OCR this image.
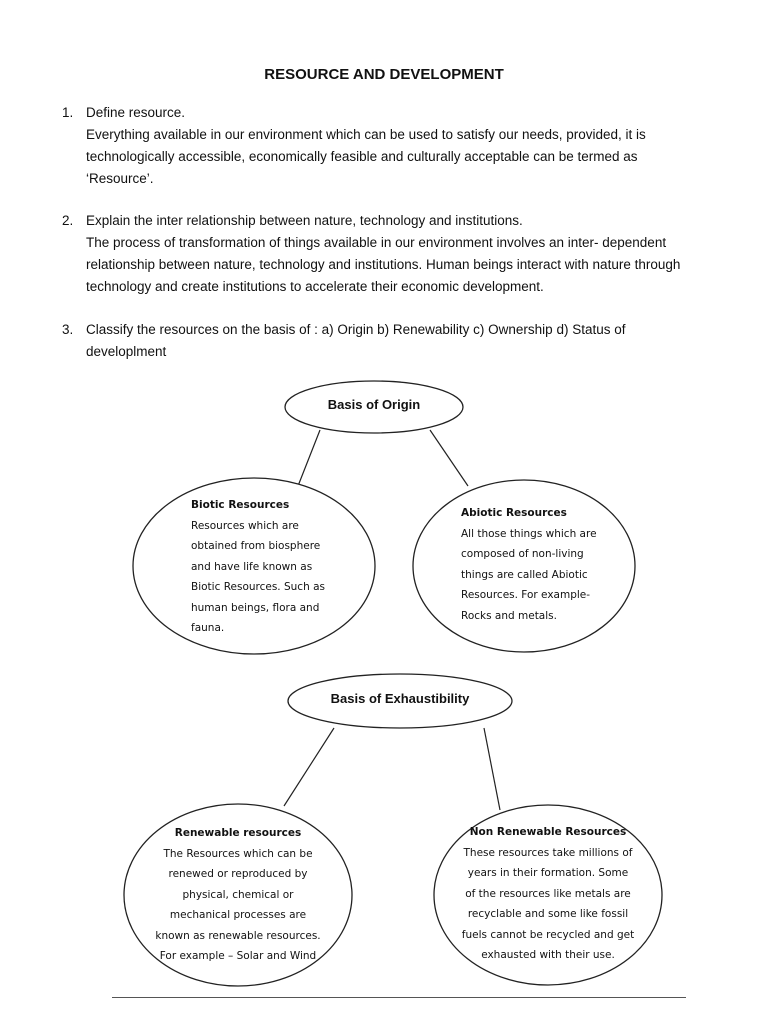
RESOURCE AND DEVELOPMENT
1. Define resource.

Everything available in our environment which can be used to satisfy our needs, provided, it is technologically accessible, economically feasible and culturally acceptable can be termed as ‘Resource’.

2. Explain the inter relationship between nature, technology and institutions.

The process of transformation of things available in our environment involves an inter- dependent relationship between nature, technology and institutions. Human beings interact with nature through technology and create institutions to accelerate their economic development.

3. Classify the resources on the basis of : a) Origin b) Renewability c) Ownership d) Status of developlment

Basis of Origin
Biotic Resources
Resources which are
obtained from biosphere
and have life known as
Biotic Resources. Such as
human beings, flora and
fauna.
Abiotic Resources
All those things which are
composed of non-living
things are called Abiotic
Resources. For example-
Rocks and metals.
Basis of Exhaustibility
Renewable resources
The Resources which can be
renewed or reproduced by
physical, chemical or
mechanical processes are
known as renewable resources.
For example – Solar and Wind
Non Renewable Resources
These resources take millions of
years in their formation. Some
of the resources like metals are
recyclable and some like fossil
fuels cannot be recycled and get
exhausted with their use.
